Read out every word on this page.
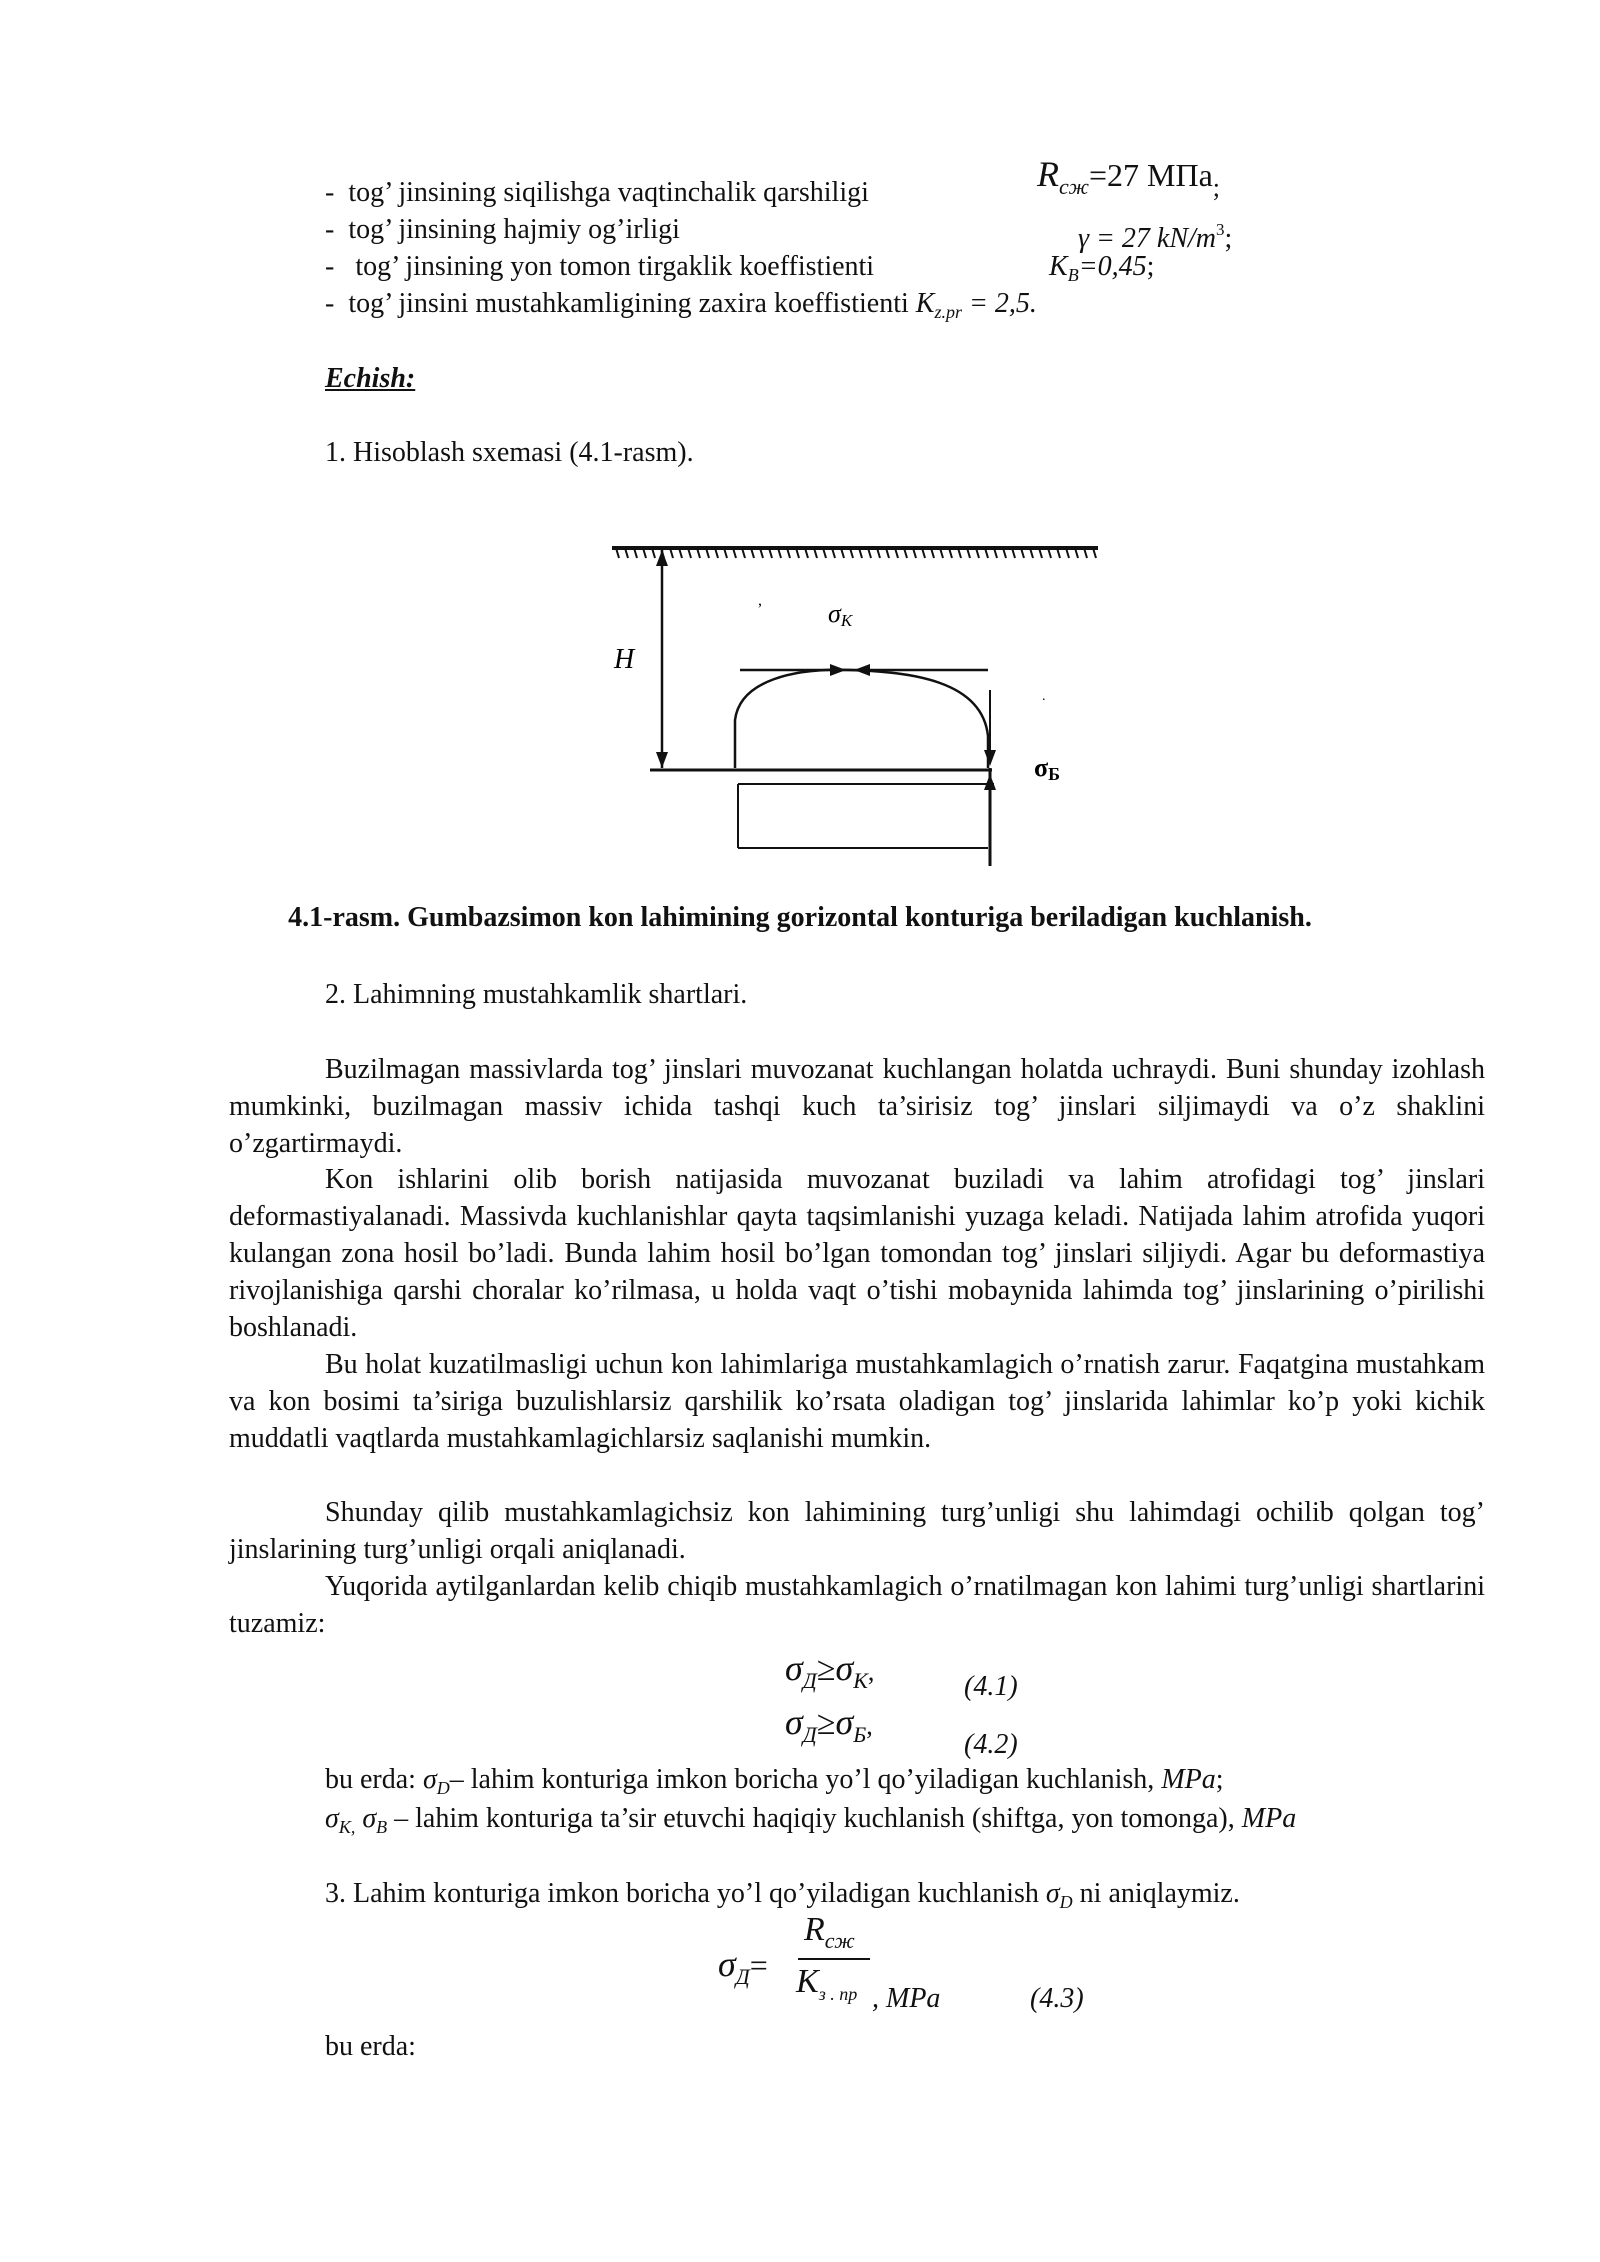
- tog’ jinsining siqilishga vaqtinchalik qarshiligi	$R_{сж}=27$ МПа$_;$
- tog’ jinsining hajmiy og’irligi	γ = 27 $kN/m^3$;
- tog’ jinsining yon tomon tirgaklik koeffistienti	$K_B=0,45$;
- tog’ jinsini mustahkamligining zaxira koeffistienti $K_{z.pr} = 2,5$.
Echish:
1. Hisoblash sxemasi (4.1-rasm).
H
σК
,
.
σБ
4.1-rasm. Gumbazsimon kon lahimining gorizontal konturiga beriladigan kuchlanish.
2. Lahimning mustahkamlik shartlari.
Buzilmagan massivlarda tog’ jinslari muvozanat kuchlangan holatda uchraydi. Buni shunday izohlash mumkinki, buzilmagan massiv ichida tashqi kuch ta’sirisiz tog’ jinslari siljimaydi va o’z shaklini o’zgartirmaydi.
Kon ishlarini olib borish natijasida muvozanat buziladi va lahim atrofidagi tog’ jinslari deformastiyalanadi. Massivda kuchlanishlar qayta taqsimlanishi yuzaga keladi. Natijada lahim atrofida yuqori kulangan zona hosil bo’ladi. Bunda lahim hosil bo’lgan tomondan tog’ jinslari siljiydi. Agar bu deformastiya rivojlanishiga qarshi choralar ko’rilmasa, u holda vaqt o’tishi mobaynida lahimda tog’ jinslarining o’pirilishi boshlanadi.
Bu holat kuzatilmasligi uchun kon lahimlariga mustahkamlagich o’rnatish zarur. Faqatgina mustahkam va kon bosimi ta’siriga buzulishlarsiz qarshilik ko’rsata oladigan tog’ jinslarida lahimlar ko’p yoki kichik muddatli vaqtlarda mustahkamlagichlarsiz saqlanishi mumkin.
Shunday qilib mustahkamlagichsiz kon lahimining turg’unligi shu lahimdagi ochilib qolgan tog’ jinslarining turg’unligi orqali aniqlanadi.
Yuqorida aytilganlardan kelib chiqib mustahkamlagich o’rnatilmagan kon lahimi turg’unligi shartlarini tuzamiz:
$\sigma_Д\ge\sigma_К$,	(4.1)
$\sigma_Д\ge\sigma_Б$,
(4.2)
bu erda: $\sigma_D-$ lahim konturiga imkon boricha yo’l qo’yiladigan kuchlanish, MPa;
$\sigma_{K,}$ $\sigma_B$ – lahim konturiga ta’sir etuvchi haqiqiy kuchlanish (shiftga, yon tomonga), MPa
3. Lahim konturiga imkon boricha yo’l qo’yiladigan kuchlanish $\sigma_D$ ni aniqlaymiz.
$\sigma_Д=$
$R_{сж}$
$K_{з . пр}$ , MPa	(4.3)
bu erda:
